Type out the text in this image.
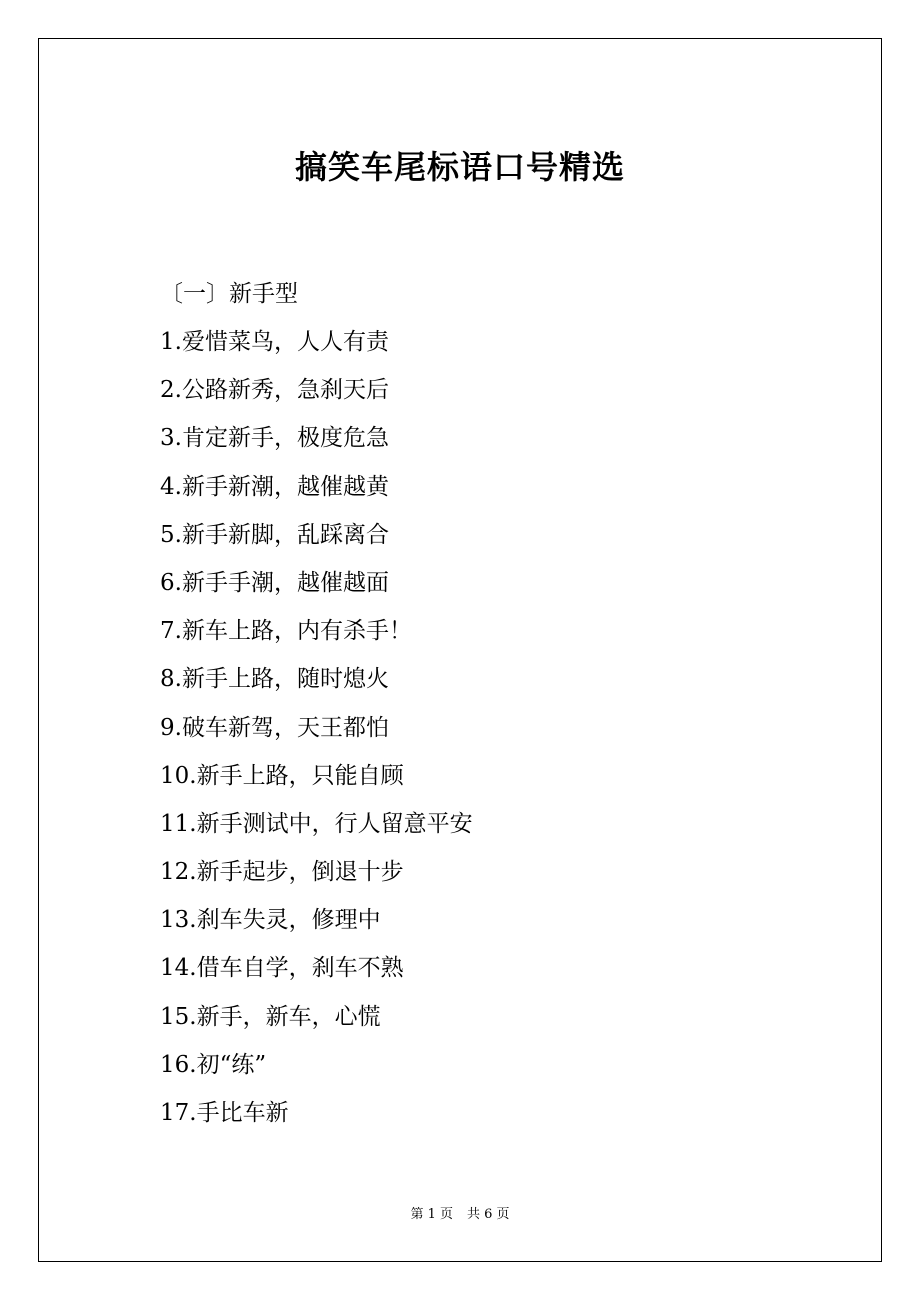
搞笑车尾标语口号精选
〔一〕新手型
1.爱惜菜鸟，人人有责
2.公路新秀，急刹天后
3.肯定新手，极度危急
4.新手新潮，越催越黄
5.新手新脚，乱踩离合
6.新手手潮，越催越面
7.新车上路，内有杀手！
8.新手上路，随时熄火
9.破车新驾，天王都怕
10.新手上路，只能自顾
11.新手测试中，行人留意平安
12.新手起步，倒退十步
13.刹车失灵，修理中
14.借车自学，刹车不熟
15.新手，新车，心慌
16.初“练”
17.手比车新
第 1 页 共 6 页
